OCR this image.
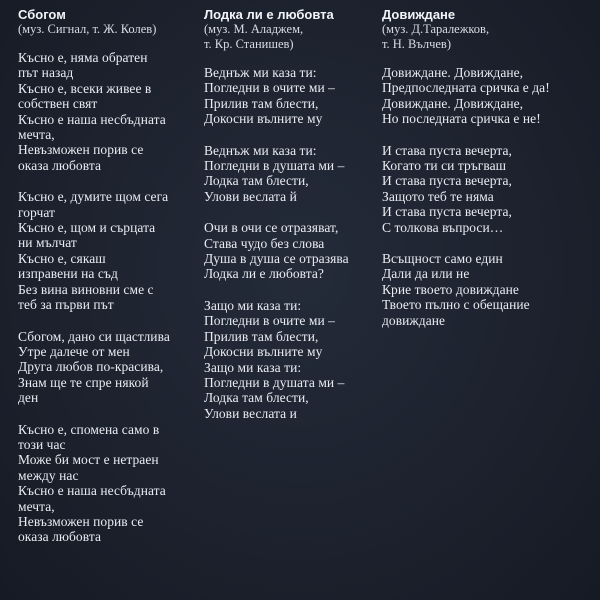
Сбогом
(муз. Сигнал, т. Ж. Колев)
Късно е, няма обратен
път назад
Късно е, всеки живее в
собствен свят
Късно е наша несбъдната
мечта,
Невъзможен порив се
оказа любовта
Късно е, думите щом сега
горчат
Късно е, щом и сърцата
ни мълчат
Късно е, сякаш
изправени на съд
Без вина виновни сме с
теб за първи път
Сбогом, дано си щастлива
Утре далече от мен
Друга любов по-красива,
Знам ще те спре някой
ден
Късно е, спомена само в
този час
Може би мост е нетраен
между нас
Късно е наша несбъдната
мечта,
Невъзможен порив се
оказа любовта
Лодка ли е любовта
(муз. М. Аладжем,
т. Кр. Станишев)
Веднъж ми каза ти:
Погледни в очите ми –
Прилив там блести,
Докосни вълните му
Веднъж ми каза ти:
Погледни в душата ми –
Лодка там блести,
Улови веслата й
Очи в очи се отразяват,
Става чудо без слова
Душа в душа се отразява
Лодка ли е любовта?
Защо ми каза ти:
Погледни в очите ми –
Прилив там блести,
Докосни вълните му
Защо ми каза ти:
Погледни в душата ми –
Лодка там блести,
Улови веслата и
Довиждане
(муз. Д.Таралежков,
т. Н. Вълчев)
Довиждане. Довиждане,
Предпоследната сричка е да!
Довиждане. Довиждане,
Но последната сричка е не!
И става пуста вечерта,
Когато ти си тръгваш
И става пуста вечерта,
Защото теб те няма
И става пуста вечерта,
С толкова въпроси…
Всъщност само един
Дали да или не
Крие твоето довиждане
Твоето пълно с обещание
довиждане
